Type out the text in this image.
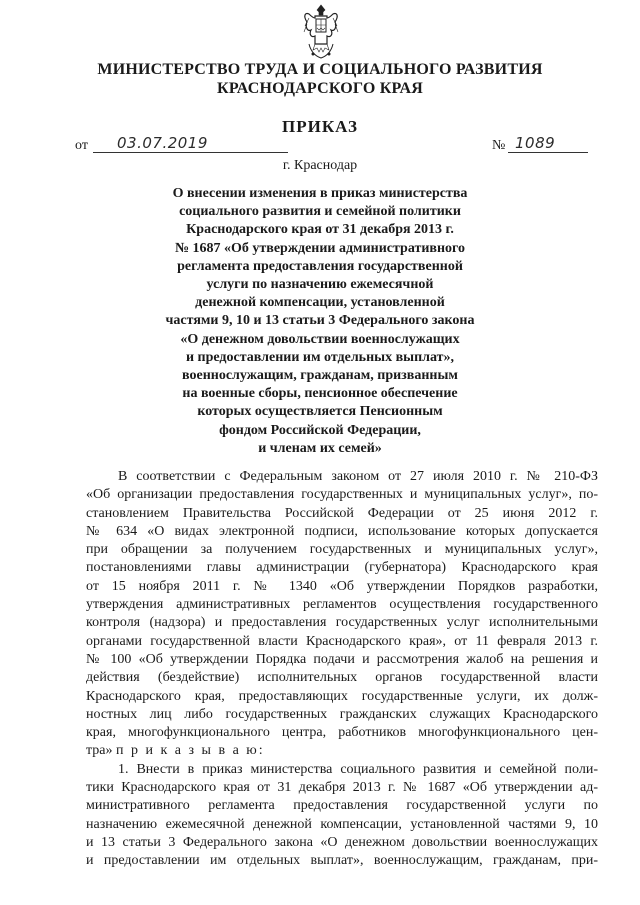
МИНИСТЕРСТВО ТРУДА И СОЦИАЛЬНОГО РАЗВИТИЯ
КРАСНОДАРСКОГО КРАЯ
ПРИКАЗ
от 03.07.2019	№ 1089
г. Краснодар
О внесении изменения в приказ министерства
социального развития и семейной политики
Краснодарского края от 31 декабря 2013 г.
№ 1687 «Об утверждении административного
регламента предоставления государственной
услуги по назначению ежемесячной
денежной компенсации, установленной
частями 9, 10 и 13 статьи 3 Федерального закона
«О денежном довольствии военнослужащих
и предоставлении им отдельных выплат»,
военнослужащим, гражданам, призванным
на военные сборы, пенсионное обеспечение
которых осуществляется Пенсионным
фондом Российской Федерации,
и членам их семей»
В соответствии с Федеральным законом от 27 июля 2010 г. № 210-ФЗ
«Об организации предоставления государственных и муниципальных услуг», по-
становлением Правительства Российской Федерации от 25 июня 2012 г.
№ 634 «О видах электронной подписи, использование которых допускается
при обращении за получением государственных и муниципальных услуг»,
постановлениями главы администрации (губернатора) Краснодарского края
от 15 ноября 2011 г. № 1340 «Об утверждении Порядков разработки,
утверждения административных регламентов осуществления государственного
контроля (надзора) и предоставления государственных услуг исполнительными
органами государственной власти Краснодарского края», от 11 февраля 2013 г.
№ 100 «Об утверждении Порядка подачи и рассмотрения жалоб на решения и
действия (бездействие) исполнительных органов государственной власти
Краснодарского края, предоставляющих государственные услуги, их долж-
ностных лиц либо государственных гражданских служащих Краснодарского
края, многофункционального центра, работников многофункционального цен-
тра» п р и к а з ы в а ю:
1. Внести в приказ министерства социального развития и семейной поли-
тики Краснодарского края от 31 декабря 2013 г. № 1687 «Об утверждении ад-
министративного регламента предоставления государственной услуги по
назначению ежемесячной денежной компенсации, установленной частями 9, 10
и 13 статьи 3 Федерального закона «О денежном довольствии военнослужащих
и предоставлении им отдельных выплат», военнослужащим, гражданам, при-
